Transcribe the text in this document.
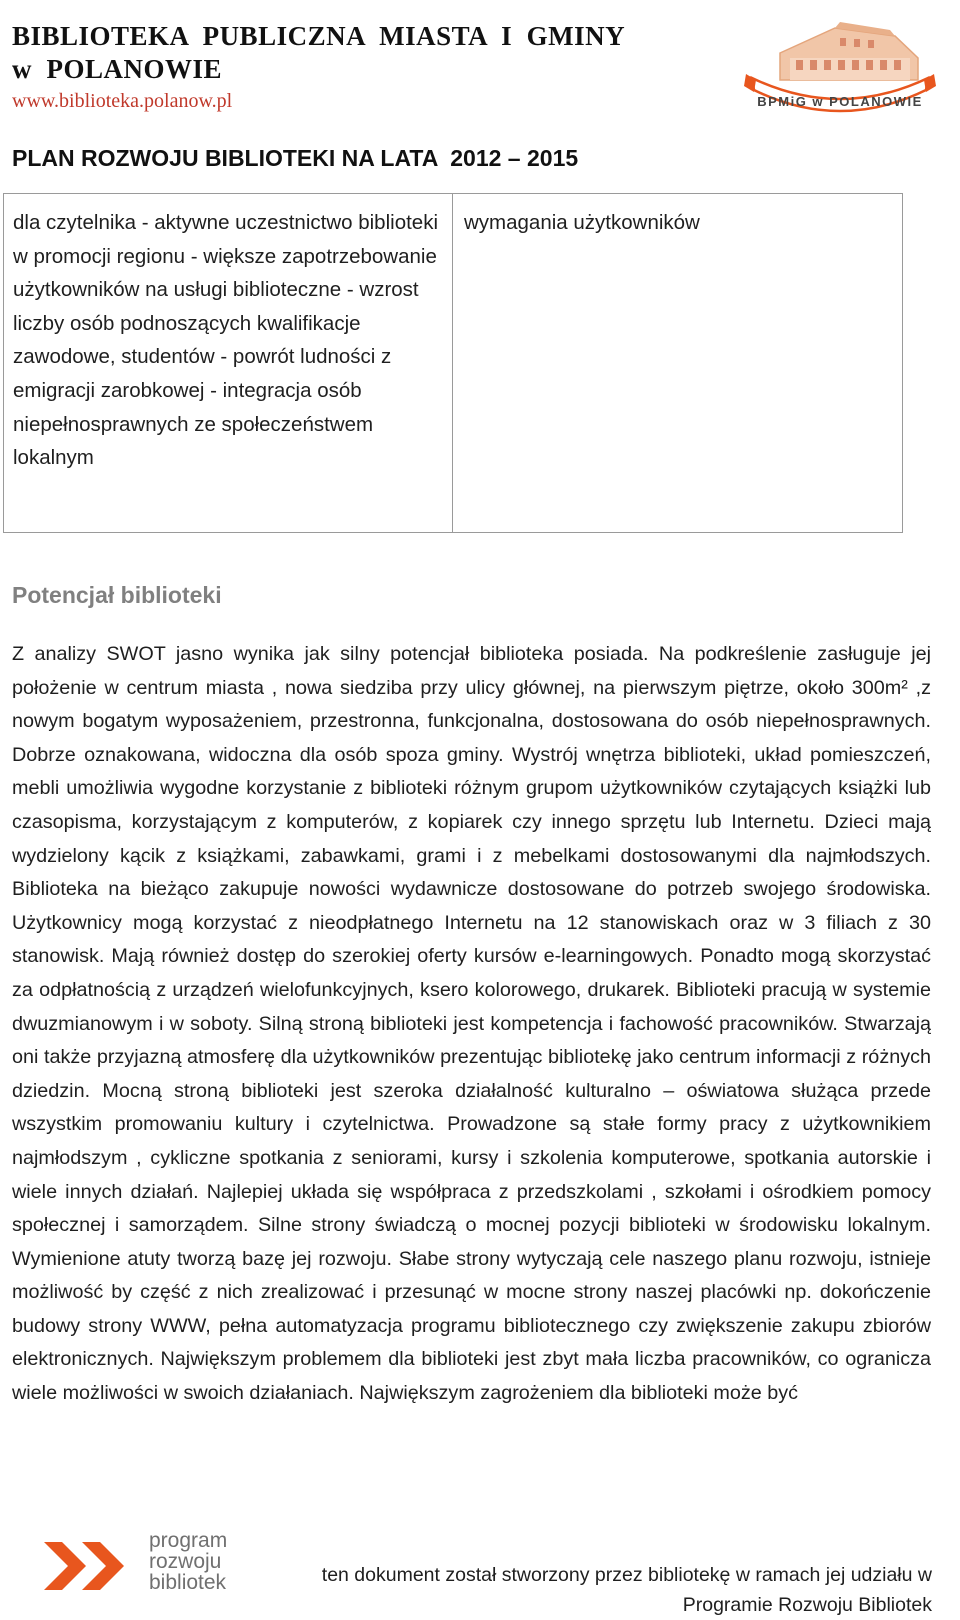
BIBLIOTEKA  PUBLICZNA  MIASTA  I  GMINY

w  POLANOWIE

www.biblioteka.polanow.pl	BPMiG w POLANOWIE
PLAN ROZWOJU BIBLIOTEKI NA LATA  2012 – 2015
dla czytelnika - aktywne uczestnictwo biblioteki w promocji regionu - większe zapotrzebowanie użytkowników na usługi biblioteczne - wzrost liczby osób podnoszących kwalifikacje zawodowe, studentów - powrót ludności z emigracji zarobkowej - integracja osób niepełnosprawnych ze społeczeństwem lokalnym
wymagania użytkowników
Potencjał biblioteki

Z analizy SWOT jasno wynika jak silny potencjał biblioteka posiada. Na podkreślenie zasługuje jej położenie w centrum miasta , nowa siedziba przy ulicy głównej, na pierwszym piętrze, około 300m² ,z nowym bogatym wyposażeniem, przestronna, funkcjonalna, dostosowana do osób niepełnosprawnych. Dobrze oznakowana, widoczna dla osób spoza gminy. Wystrój wnętrza biblioteki, układ pomieszczeń, mebli umożliwia wygodne korzystanie z biblioteki różnym grupom użytkowników czytających książki lub czasopisma, korzystającym z komputerów, z kopiarek czy innego sprzętu lub Internetu. Dzieci mają wydzielony kącik z książkami, zabawkami, grami i z mebelkami dostosowanymi dla najmłodszych. Biblioteka na bieżąco zakupuje nowości wydawnicze dostosowane do potrzeb swojego środowiska. Użytkownicy mogą korzystać z nieodpłatnego Internetu na 12 stanowiskach oraz w 3 filiach z 30 stanowisk. Mają również dostęp do szerokiej oferty kursów e-learningowych. Ponadto mogą skorzystać za odpłatnością z urządzeń wielofunkcyjnych, ksero kolorowego, drukarek. Biblioteki pracują w systemie dwuzmianowym i w soboty. Silną stroną biblioteki jest kompetencja i fachowość pracowników. Stwarzają oni także przyjazną atmosferę dla użytkowników prezentując bibliotekę jako centrum informacji z różnych dziedzin. Mocną stroną biblioteki jest szeroka działalność kulturalno – oświatowa służąca przede wszystkim promowaniu kultury i czytelnictwa. Prowadzone są stałe formy pracy z użytkownikiem najmłodszym , cykliczne spotkania z seniorami, kursy i szkolenia komputerowe, spotkania autorskie i wiele innych działań. Najlepiej układa się współpraca z przedszkolami , szkołami i ośrodkiem pomocy społecznej i samorządem. Silne strony świadczą o mocnej pozycji biblioteki w środowisku lokalnym. Wymienione atuty tworzą bazę jej rozwoju. Słabe strony wytyczają cele naszego planu rozwoju, istnieje możliwość by część z nich zrealizować i przesunąć w mocne strony naszej placówki np. dokończenie budowy strony WWW, pełna automatyzacja programu bibliotecznego czy zwiększenie zakupu zbiorów elektronicznych. Największym problemem dla biblioteki jest zbyt mała liczba pracowników, co ogranicza wiele możliwości w swoich działaniach. Największym zagrożeniem dla biblioteki może być

program
rozwoju
bibliotek	ten dokument został stworzony przez bibliotekę w ramach jej udziału w
Programie Rozwoju Bibliotek
